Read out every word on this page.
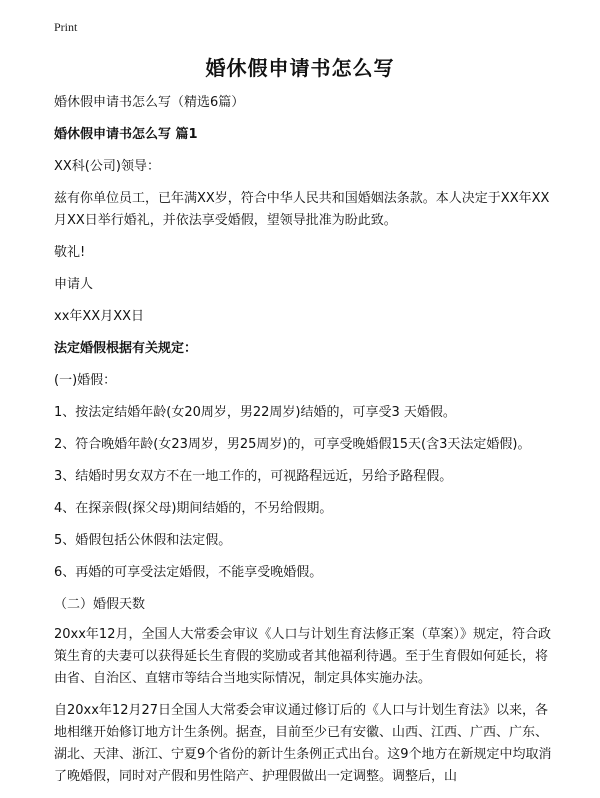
Print
婚休假申请书怎么写

婚休假申请书怎么写（精选6篇）

婚休假申请书怎么写 篇1

XX科(公司)领导：

兹有你单位员工，已年满XX岁，符合中华人民共和国婚姻法条款。本人决定于XX年XX月XX日举行婚礼，并依法享受婚假，望领导批准为盼此致。

敬礼!

申请人

xx年XX月XX日

法定婚假根据有关规定：

(一)婚假：

1、按法定结婚年龄(女20周岁，男22周岁)结婚的，可享受3 天婚假。

2、符合晚婚年龄(女23周岁，男25周岁)的，可享受晚婚假15天(含3天法定婚假)。

3、结婚时男女双方不在一地工作的，可视路程远近，另给予路程假。

4、在探亲假(探父母)期间结婚的，不另给假期。

5、婚假包括公休假和法定假。

6、再婚的可享受法定婚假，不能享受晚婚假。

（二）婚假天数

20xx年12月，全国人大常委会审议《人口与计划生育法修正案（草案）》规定，符合政策生育的夫妻可以获得延长生育假的奖励或者其他福利待遇。至于生育假如何延长，将由省、自治区、直辖市等结合当地实际情况，制定具体实施办法。

自20xx年12月27日全国人大常委会审议通过修订后的《人口与计划生育法》以来，各地相继开始修订地方计生条例。据查，目前至少已有安徽、山西、江西、广西、广东、湖北、天津、浙江、宁夏9个省份的新计生条例正式出台。这9个地方在新规定中均取消了晚婚假，同时对产假和男性陪产、护理假做出一定调整。调整后，山
